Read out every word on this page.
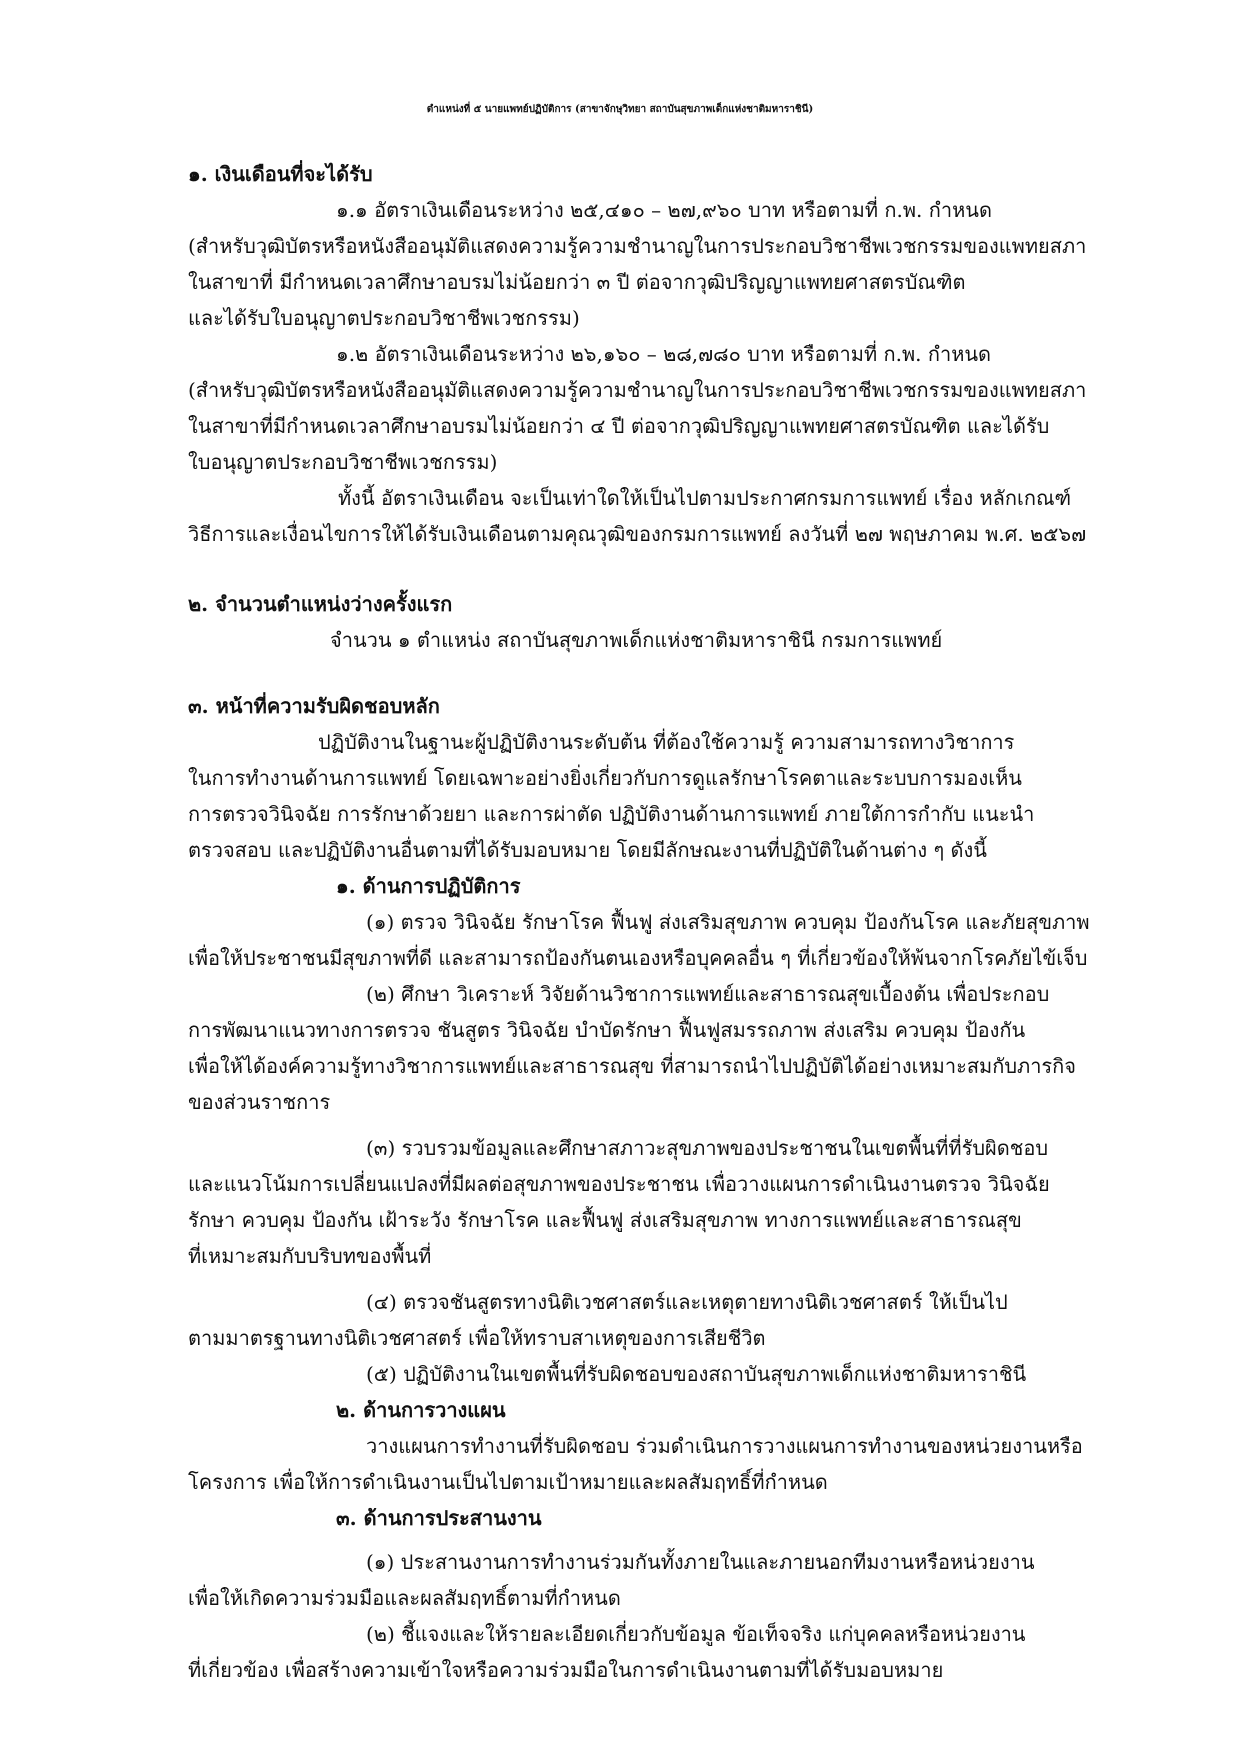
ตำแหน่งที่ ๕ นายแพทย์ปฏิบัติการ (สาขาจักษุวิทยา สถาบันสุขภาพเด็กแห่งชาติมหาราชินี)
๑. เงินเดือนที่จะได้รับ
๑.๑ อัตราเงินเดือนระหว่าง ๒๕,๔๑๐ – ๒๗,๙๖๐ บาท หรือตามที่ ก.พ. กำหนด
(สำหรับวุฒิบัตรหรือหนังสืออนุมัติแสดงความรู้ความชำนาญในการประกอบวิชาชีพเวชกรรมของแพทยสภา
ในสาขาที่ มีกำหนดเวลาศึกษาอบรมไม่น้อยกว่า ๓ ปี ต่อจากวุฒิปริญญาแพทยศาสตรบัณฑิต
และได้รับใบอนุญาตประกอบวิชาชีพเวชกรรม)
๑.๒ อัตราเงินเดือนระหว่าง ๒๖,๑๖๐ – ๒๘,๗๘๐ บาท หรือตามที่ ก.พ. กำหนด
(สำหรับวุฒิบัตรหรือหนังสืออนุมัติแสดงความรู้ความชำนาญในการประกอบวิชาชีพเวชกรรมของแพทยสภา
ในสาขาที่มีกำหนดเวลาศึกษาอบรมไม่น้อยกว่า ๔ ปี ต่อจากวุฒิปริญญาแพทยศาสตรบัณฑิต และได้รับ
ใบอนุญาตประกอบวิชาชีพเวชกรรม)
ทั้งนี้ อัตราเงินเดือน จะเป็นเท่าใดให้เป็นไปตามประกาศกรมการแพทย์ เรื่อง หลักเกณฑ์
วิธีการและเงื่อนไขการให้ได้รับเงินเดือนตามคุณวุฒิของกรมการแพทย์ ลงวันที่ ๒๗ พฤษภาคม พ.ศ. ๒๕๖๗
๒. จำนวนตำแหน่งว่างครั้งแรก
จำนวน ๑ ตำแหน่ง สถาบันสุขภาพเด็กแห่งชาติมหาราชินี กรมการแพทย์
๓. หน้าที่ความรับผิดชอบหลัก
ปฏิบัติงานในฐานะผู้ปฏิบัติงานระดับต้น ที่ต้องใช้ความรู้ ความสามารถทางวิชาการ
ในการทำงานด้านการแพทย์ โดยเฉพาะอย่างยิ่งเกี่ยวกับการดูแลรักษาโรคตาและระบบการมองเห็น
การตรวจวินิจฉัย การรักษาด้วยยา และการผ่าตัด ปฏิบัติงานด้านการแพทย์ ภายใต้การกำกับ แนะนำ
ตรวจสอบ และปฏิบัติงานอื่นตามที่ได้รับมอบหมาย โดยมีลักษณะงานที่ปฏิบัติในด้านต่าง ๆ ดังนี้
๑. ด้านการปฏิบัติการ
(๑) ตรวจ วินิจฉัย รักษาโรค ฟื้นฟู ส่งเสริมสุขภาพ ควบคุม ป้องกันโรค และภัยสุขภาพ
เพื่อให้ประชาชนมีสุขภาพที่ดี และสามารถป้องกันตนเองหรือบุคคลอื่น ๆ ที่เกี่ยวข้องให้พ้นจากโรคภัยไข้เจ็บ
(๒) ศึกษา วิเคราะห์ วิจัยด้านวิชาการแพทย์และสาธารณสุขเบื้องต้น เพื่อประกอบ
การพัฒนาแนวทางการตรวจ ชันสูตร วินิจฉัย บำบัดรักษา ฟื้นฟูสมรรถภาพ ส่งเสริม ควบคุม ป้องกัน
เพื่อให้ได้องค์ความรู้ทางวิชาการแพทย์และสาธารณสุข ที่สามารถนำไปปฏิบัติได้อย่างเหมาะสมกับภารกิจ
ของส่วนราชการ
(๓) รวบรวมข้อมูลและศึกษาสภาวะสุขภาพของประชาชนในเขตพื้นที่ที่รับผิดชอบ
และแนวโน้มการเปลี่ยนแปลงที่มีผลต่อสุขภาพของประชาชน เพื่อวางแผนการดำเนินงานตรวจ วินิจฉัย
รักษา ควบคุม ป้องกัน เฝ้าระวัง รักษาโรค และฟื้นฟู ส่งเสริมสุขภาพ ทางการแพทย์และสาธารณสุข
ที่เหมาะสมกับบริบทของพื้นที่
(๔) ตรวจชันสูตรทางนิติเวชศาสตร์และเหตุตายทางนิติเวชศาสตร์ ให้เป็นไป
ตามมาตรฐานทางนิติเวชศาสตร์ เพื่อให้ทราบสาเหตุของการเสียชีวิต
(๕) ปฏิบัติงานในเขตพื้นที่รับผิดชอบของสถาบันสุขภาพเด็กแห่งชาติมหาราชินี
๒. ด้านการวางแผน
วางแผนการทำงานที่รับผิดชอบ ร่วมดำเนินการวางแผนการทำงานของหน่วยงานหรือ
โครงการ เพื่อให้การดำเนินงานเป็นไปตามเป้าหมายและผลสัมฤทธิ์ที่กำหนด
๓. ด้านการประสานงาน
(๑) ประสานงานการทำงานร่วมกันทั้งภายในและภายนอกทีมงานหรือหน่วยงาน
เพื่อให้เกิดความร่วมมือและผลสัมฤทธิ์ตามที่กำหนด
(๒) ชี้แจงและให้รายละเอียดเกี่ยวกับข้อมูล ข้อเท็จจริง แก่บุคคลหรือหน่วยงาน
ที่เกี่ยวข้อง เพื่อสร้างความเข้าใจหรือความร่วมมือในการดำเนินงานตามที่ได้รับมอบหมาย
